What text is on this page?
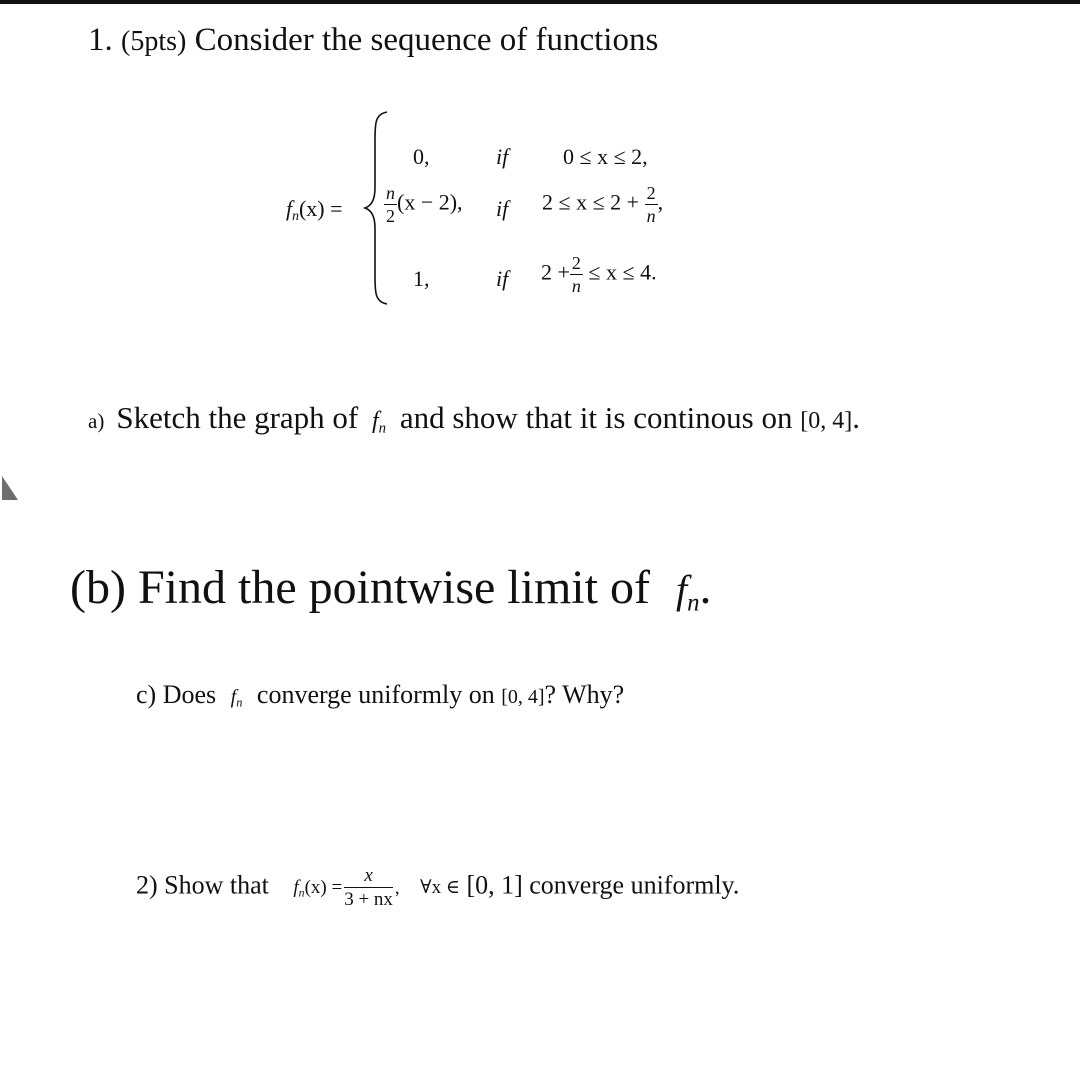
1. (5pts) Consider the sequence of functions
$f_n(x)$ =
0,	if 0 ≤ x ≤ 2,
$\frac{n}{2} (x - 2)$, if $2 \le x \le 2 + \frac{2}{n}$ ,
1,	if $2 + \frac{2}{n} \le x \le 4$.
a) Sketch the graph of $f_n$ and show that it is continous on [0, 4].
(b) Find the pointwise limit of $f_n$.
c) Does $f_n$ converge uniformly on [0, 4]? Why?
2) Show that $f_n(x) = \frac{x}{3 + nx}$ , ∀x ∈ [0, 1] converge uniformly.
